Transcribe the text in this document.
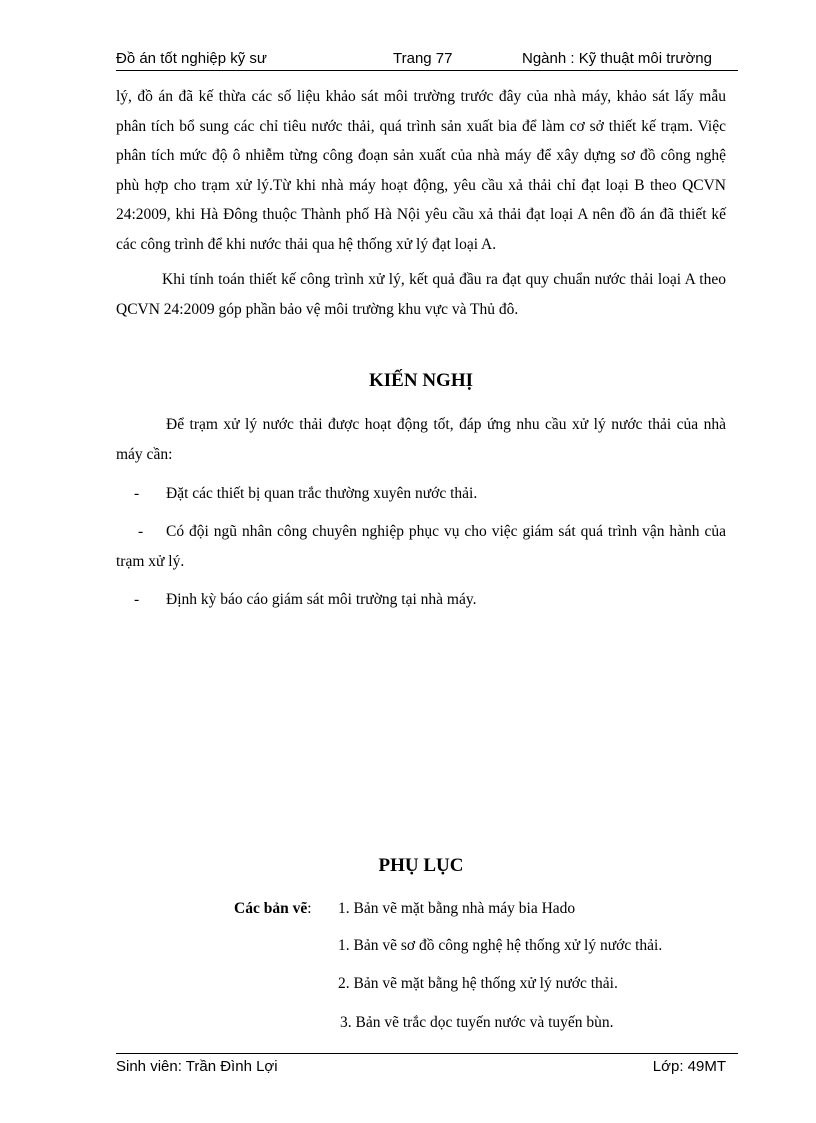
Đồ án tốt nghiệp kỹ sư	Trang 77	Ngành : Kỹ thuật môi trường

lý, đồ án đã kế thừa các số liệu khảo sát môi trường trước đây của nhà máy, khảo sát lấy mẫu phân tích bổ sung các chỉ tiêu nước thải, quá trình sản xuất bia để làm cơ sở thiết kế trạm. Việc phân tích mức độ ô nhiễm từng công đoạn sản xuất của nhà máy để xây dựng sơ đồ công nghệ phù hợp cho trạm xử lý.Từ khi nhà máy hoạt động, yêu cầu xả thải chỉ đạt loại B theo QCVN 24:2009, khi Hà Đông thuộc Thành phố Hà Nội yêu cầu xả thải đạt loại A nên đồ án đã thiết kế các công trình để khi nước thải qua hệ thống xử lý đạt loại A.

Khi tính toán thiết kế công trình xử lý, kết quả đầu ra đạt quy chuẩn nước thải loại A theo QCVN 24:2009 góp phần bảo vệ môi trường khu vực và Thủ đô.

KIẾN NGHỊ

Để trạm xử lý nước thải được hoạt động tốt, đáp ứng nhu cầu xử lý nước thải của nhà máy cần:

- Đặt các thiết bị quan trắc thường xuyên nước thải.
-	Có đội ngũ nhân công chuyên nghiệp phục vụ cho việc giám sát quá trình vận hành của trạm xử lý.
- Định kỳ báo cáo giám sát môi trường tại nhà máy.
PHỤ LỤC
Các bản vẽ: 1. Bản vẽ mặt bằng nhà máy bia Hado
1. Bản vẽ sơ đồ công nghệ hệ thống xử lý nước thải.
2. Bản vẽ mặt bằng hệ thống xử lý nước thải.
3. Bản vẽ trắc dọc tuyến nước và tuyến bùn.
Sinh viên: Trần Đình Lợi	Lớp: 49MT
